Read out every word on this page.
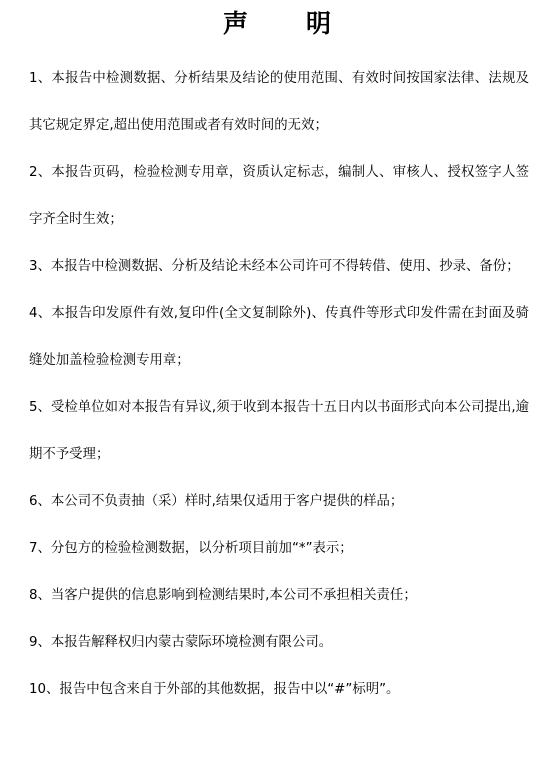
声明

1、本报告中检测数据、分析结果及结论的使用范围、有效时间按国家法律、法规及其它规定界定,超出使用范围或者有效时间的无效；

2、本报告页码，检验检测专用章，资质认定标志，编制人、审核人、授权签字人签字齐全时生效；

3、本报告中检测数据、分析及结论未经本公司许可不得转借、使用、抄录、备份；

4、本报告印发原件有效,复印件(全文复制除外)、传真件等形式印发件需在封面及骑缝处加盖检验检测专用章；

5、受检单位如对本报告有异议,须于收到本报告十五日内以书面形式向本公司提出,逾期不予受理；

6、本公司不负责抽（采）样时,结果仅适用于客户提供的样品；

7、分包方的检验检测数据，以分析项目前加“*”表示；

8、当客户提供的信息影响到检测结果时,本公司不承担相关责任；

9、本报告解释权归内蒙古蒙际环境检测有限公司。

10、报告中包含来自于外部的其他数据，报告中以“#”标明”。
